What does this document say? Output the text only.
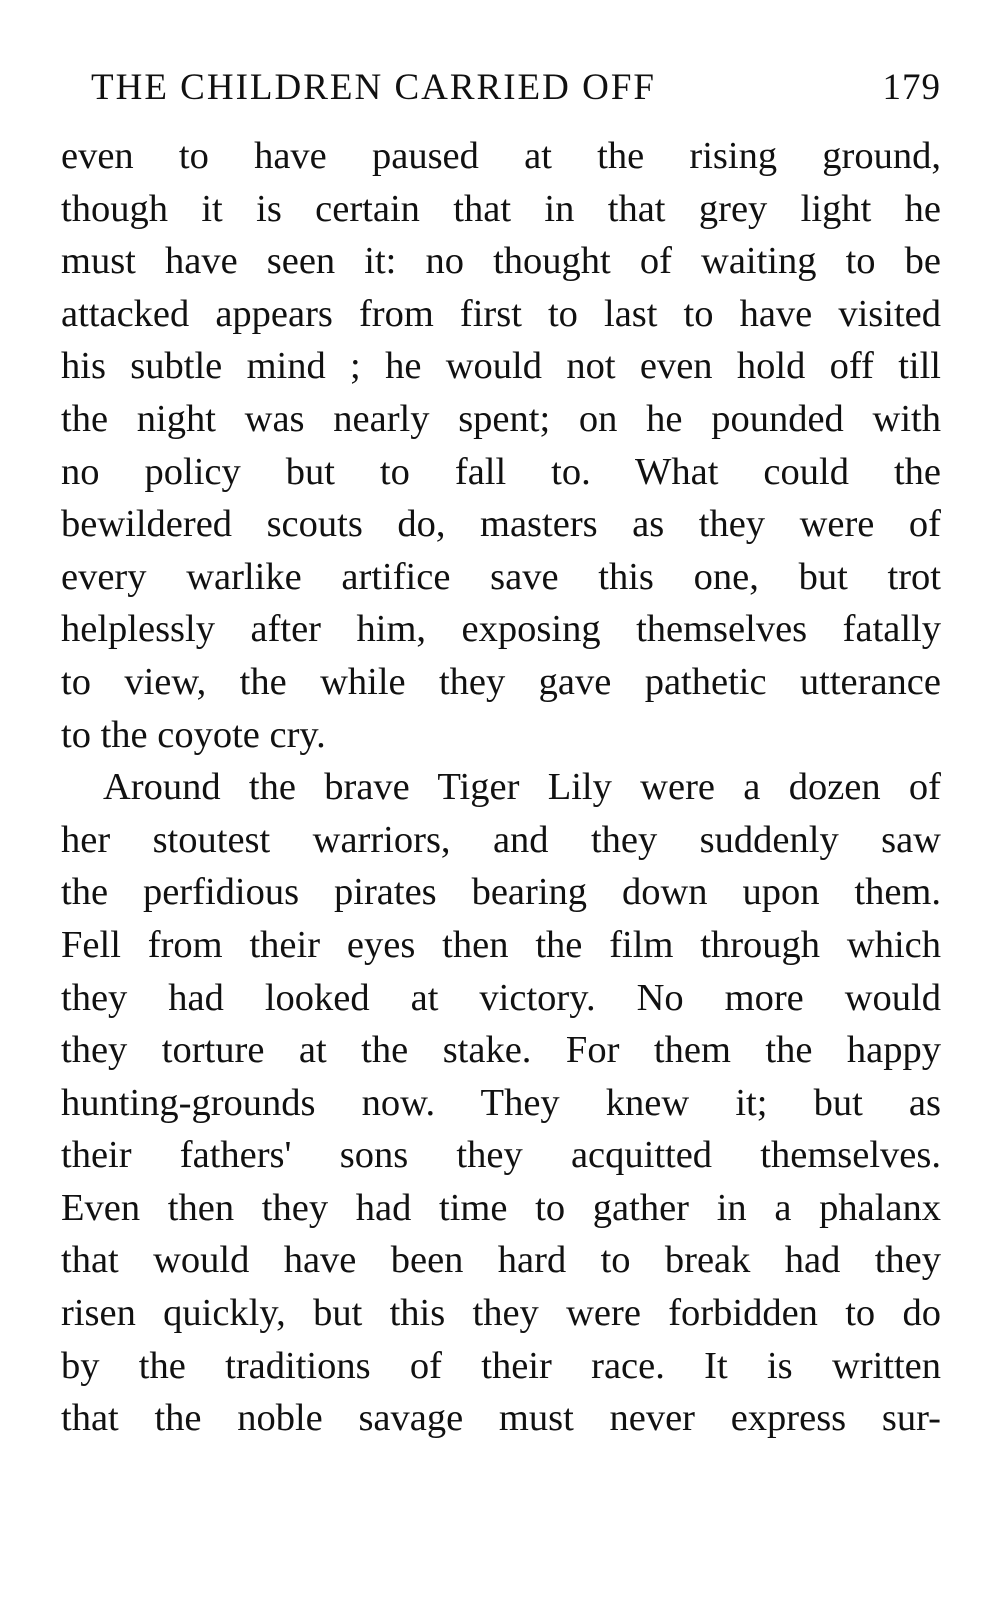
THE CHILDREN CARRIED OFF	179
even to have paused at the rising ground,
though it is certain that in that grey light he
must have seen it: no thought of waiting to be
attacked appears from first to last to have visited
his subtle mind ; he would not even hold off till
the night was nearly spent; on he pounded with
no policy but to fall to. What could the
bewildered scouts do, masters as they were of
every warlike artifice save this one, but trot
helplessly after him, exposing themselves fatally
to view, the while they gave pathetic utterance
to the coyote cry.
Around the brave Tiger Lily were a dozen of
her stoutest warriors, and they suddenly saw
the perfidious pirates bearing down upon them.
Fell from their eyes then the film through which
they had looked at victory. No more would
they torture at the stake. For them the happy
hunting-grounds now. They knew it; but as
their fathers' sons they acquitted themselves.
Even then they had time to gather in a phalanx
that would have been hard to break had they
risen quickly, but this they were forbidden to do
by the traditions of their race. It is written
that the noble savage must never express sur-
